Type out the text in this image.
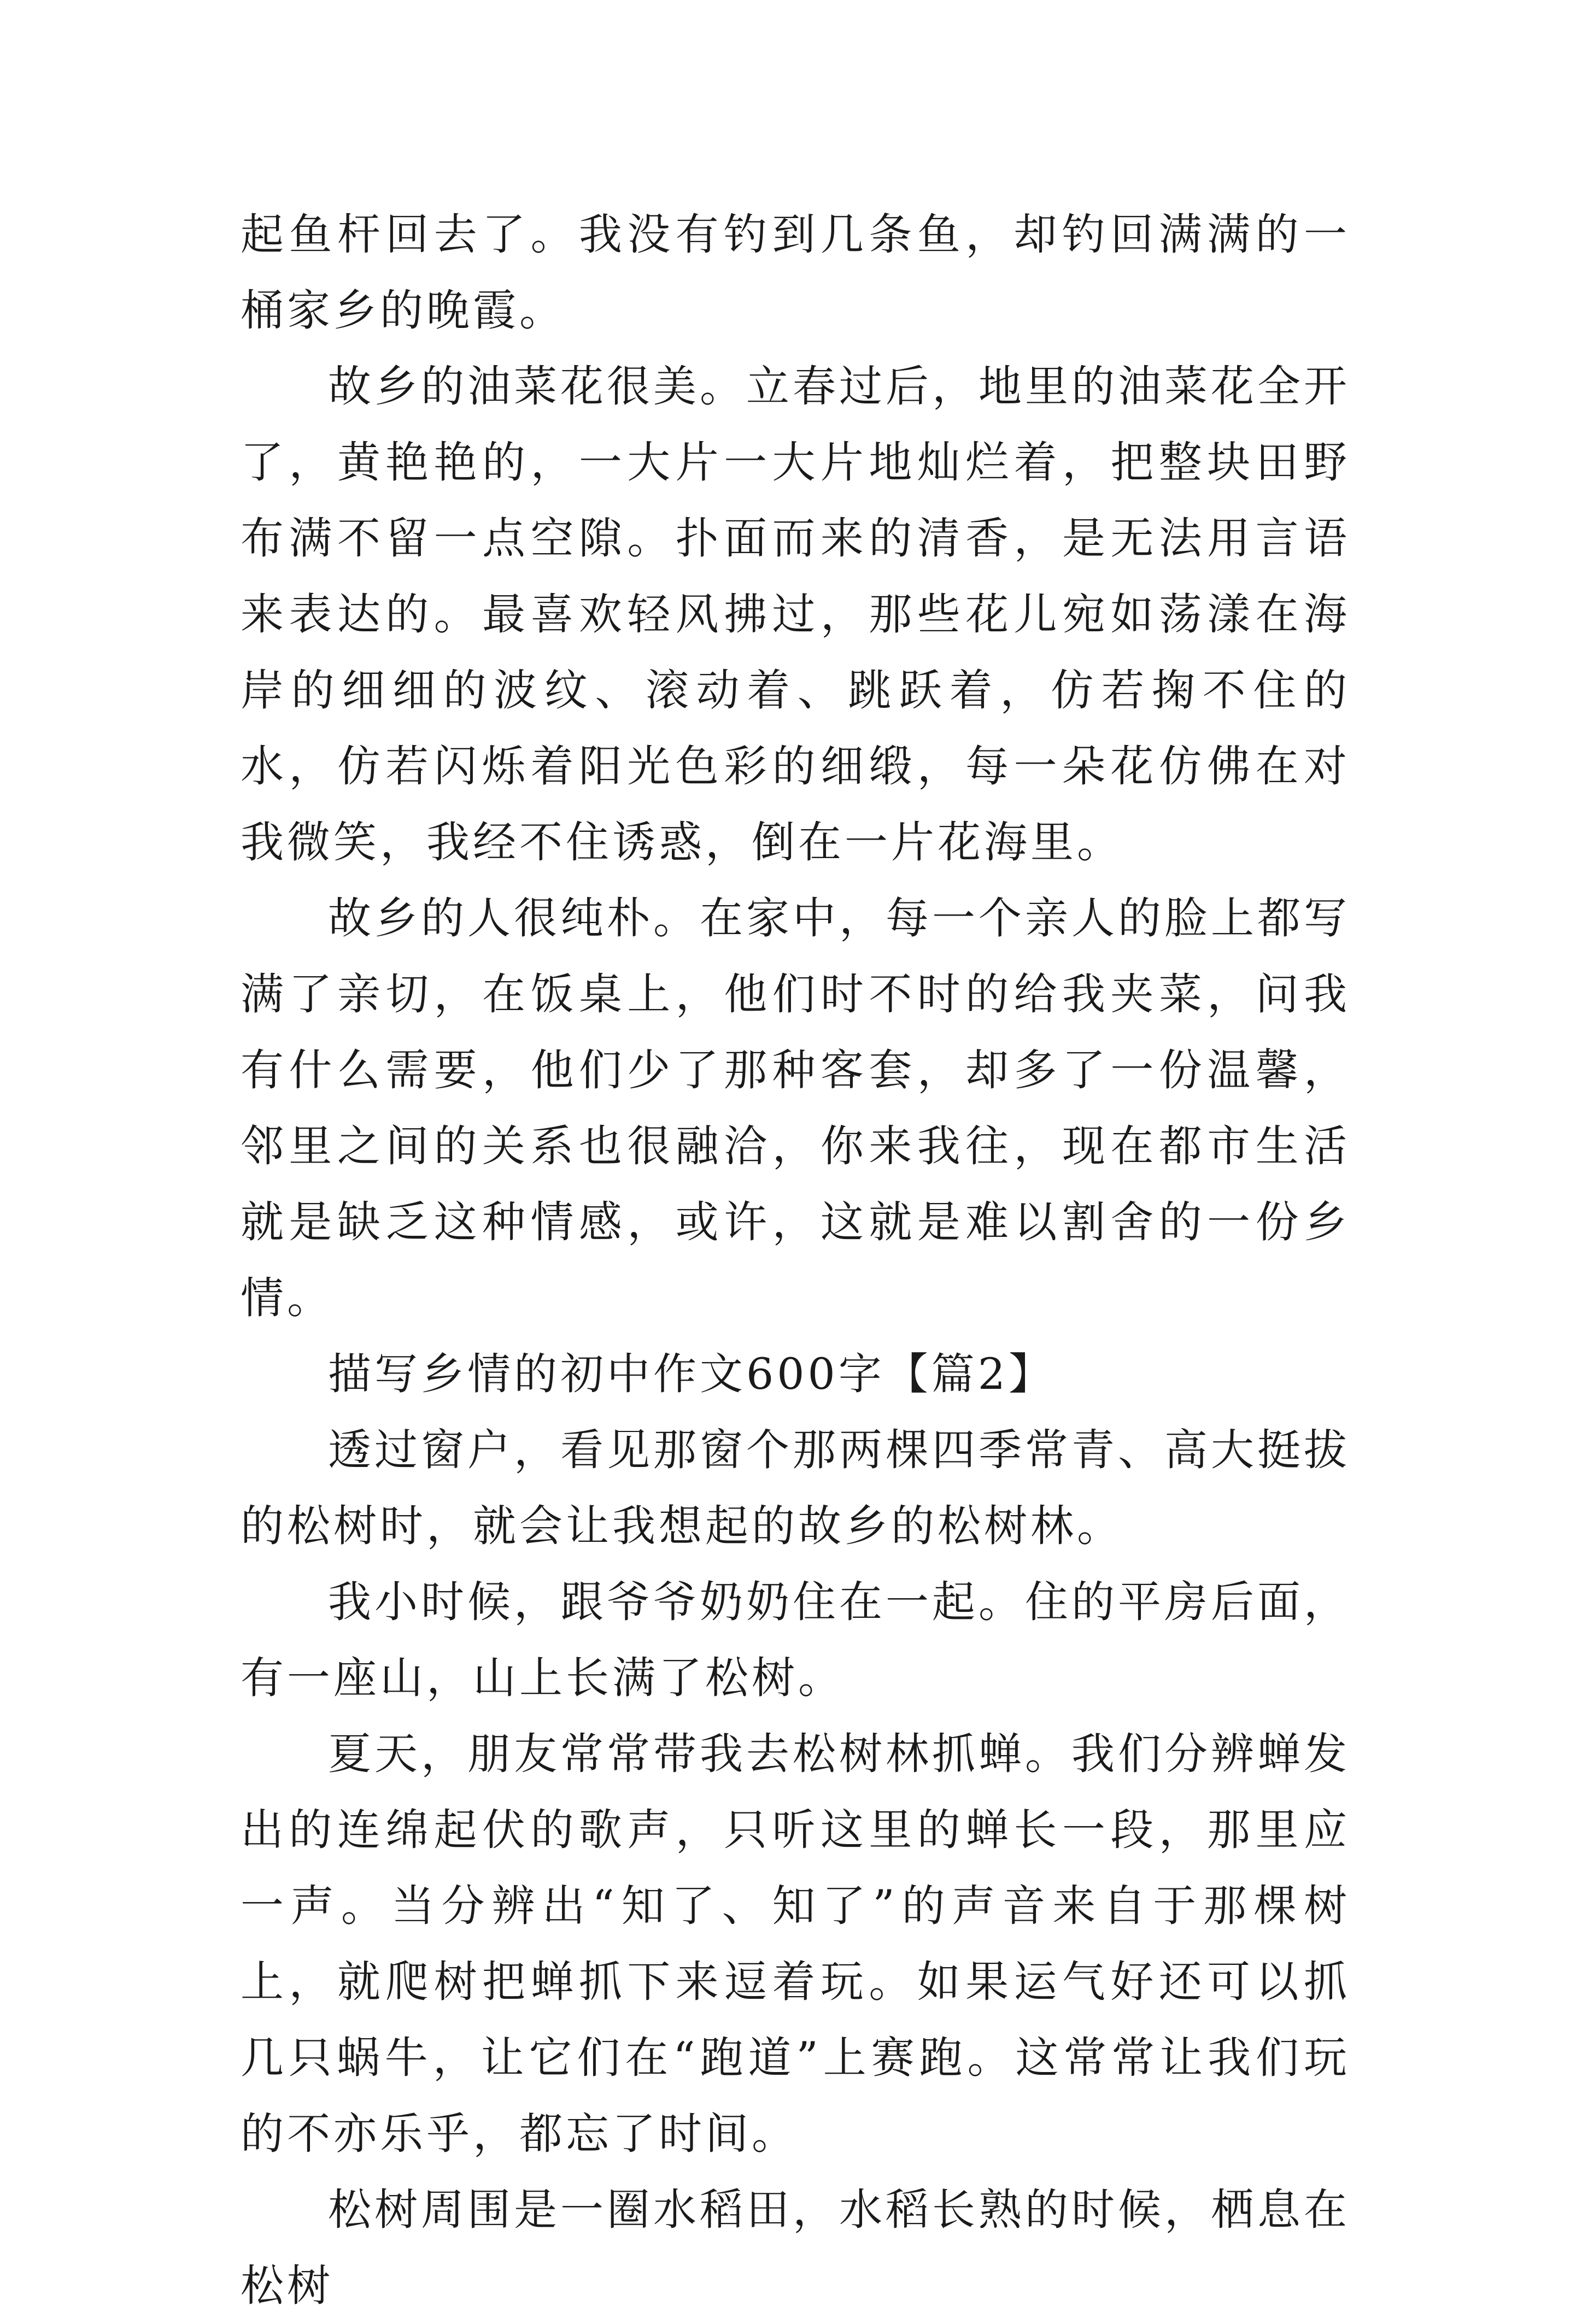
起鱼杆回去了。我没有钓到几条鱼，却钓回满满的一桶家乡的晚霞。

故乡的油菜花很美。立春过后，地里的油菜花全开了，黄艳艳的，一大片一大片地灿烂着，把整块田野布满不留一点空隙。扑面而来的清香，是无法用言语来表达的。最喜欢轻风拂过，那些花儿宛如荡漾在海岸的细细的波纹、滚动着、跳跃着，仿若掬不住的水，仿若闪烁着阳光色彩的细缎，每一朵花仿佛在对我微笑，我经不住诱惑，倒在一片花海里。

故乡的人很纯朴。在家中，每一个亲人的脸上都写满了亲切，在饭桌上，他们时不时的给我夹菜，问我有什么需要，他们少了那种客套，却多了一份温馨，邻里之间的关系也很融洽，你来我往，现在都市生活就是缺乏这种情感，或许，这就是难以割舍的一份乡情。

描写乡情的初中作文600字【篇2】

透过窗户，看见那窗个那两棵四季常青、高大挺拔的松树时，就会让我想起的故乡的松树林。

我小时候，跟爷爷奶奶住在一起。住的平房后面，有一座山，山上长满了松树。

夏天，朋友常常带我去松树林抓蝉。我们分辨蝉发出的连绵起伏的歌声，只听这里的蝉长一段，那里应一声。当分辨出“知了、知了”的声音来自于那棵树上，就爬树把蝉抓下来逗着玩。如果运气好还可以抓几只蜗牛，让它们在“跑道”上赛跑。这常常让我们玩的不亦乐乎，都忘了时间。

松树周围是一圈水稻田，水稻长熟的时候，栖息在松树
